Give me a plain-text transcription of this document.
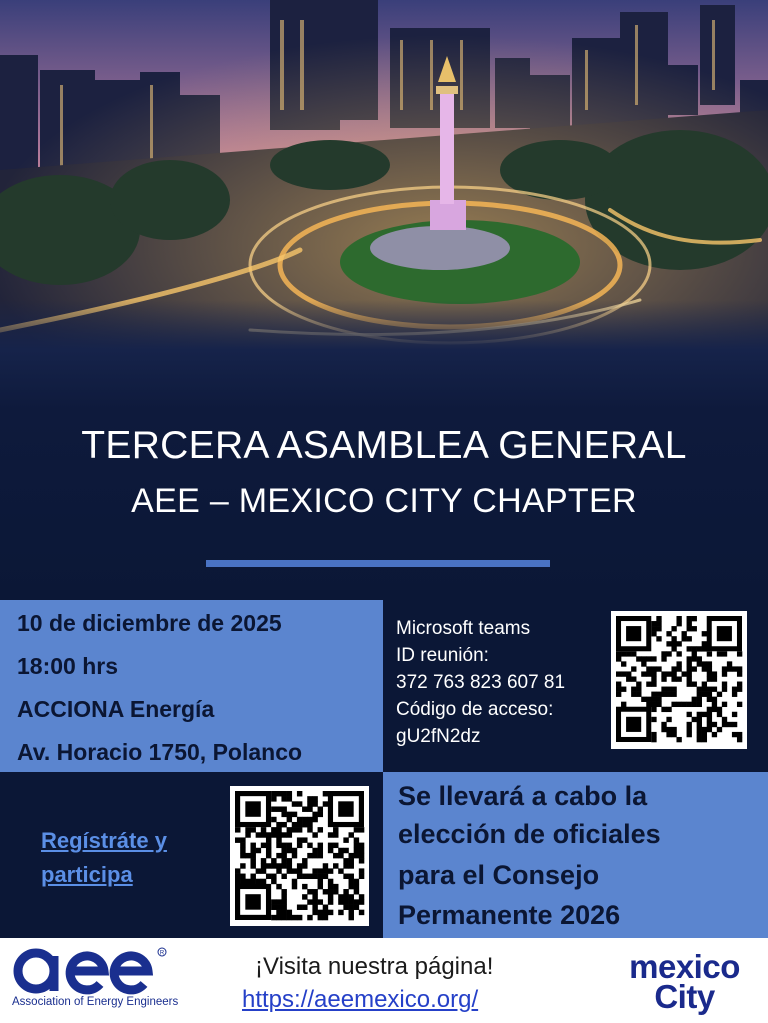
TERCERA ASAMBLEA GENERAL
AEE – MEXICO CITY CHAPTER
10 de diciembre de 2025
18:00 hrs
ACCIONA Energía
Av. Horacio 1750, Polanco
Microsoft teams
ID reunión:
372 763 823 607 81
Código de acceso:
gU2fN2dz
Regístráte y
participa
Se llevará a cabo la
elección de oficiales
para el Consejo
Permanente 2026
R
Association of Energy Engineers
¡Visita nuestra página!
https://aeemexico.org/
mexico
City
